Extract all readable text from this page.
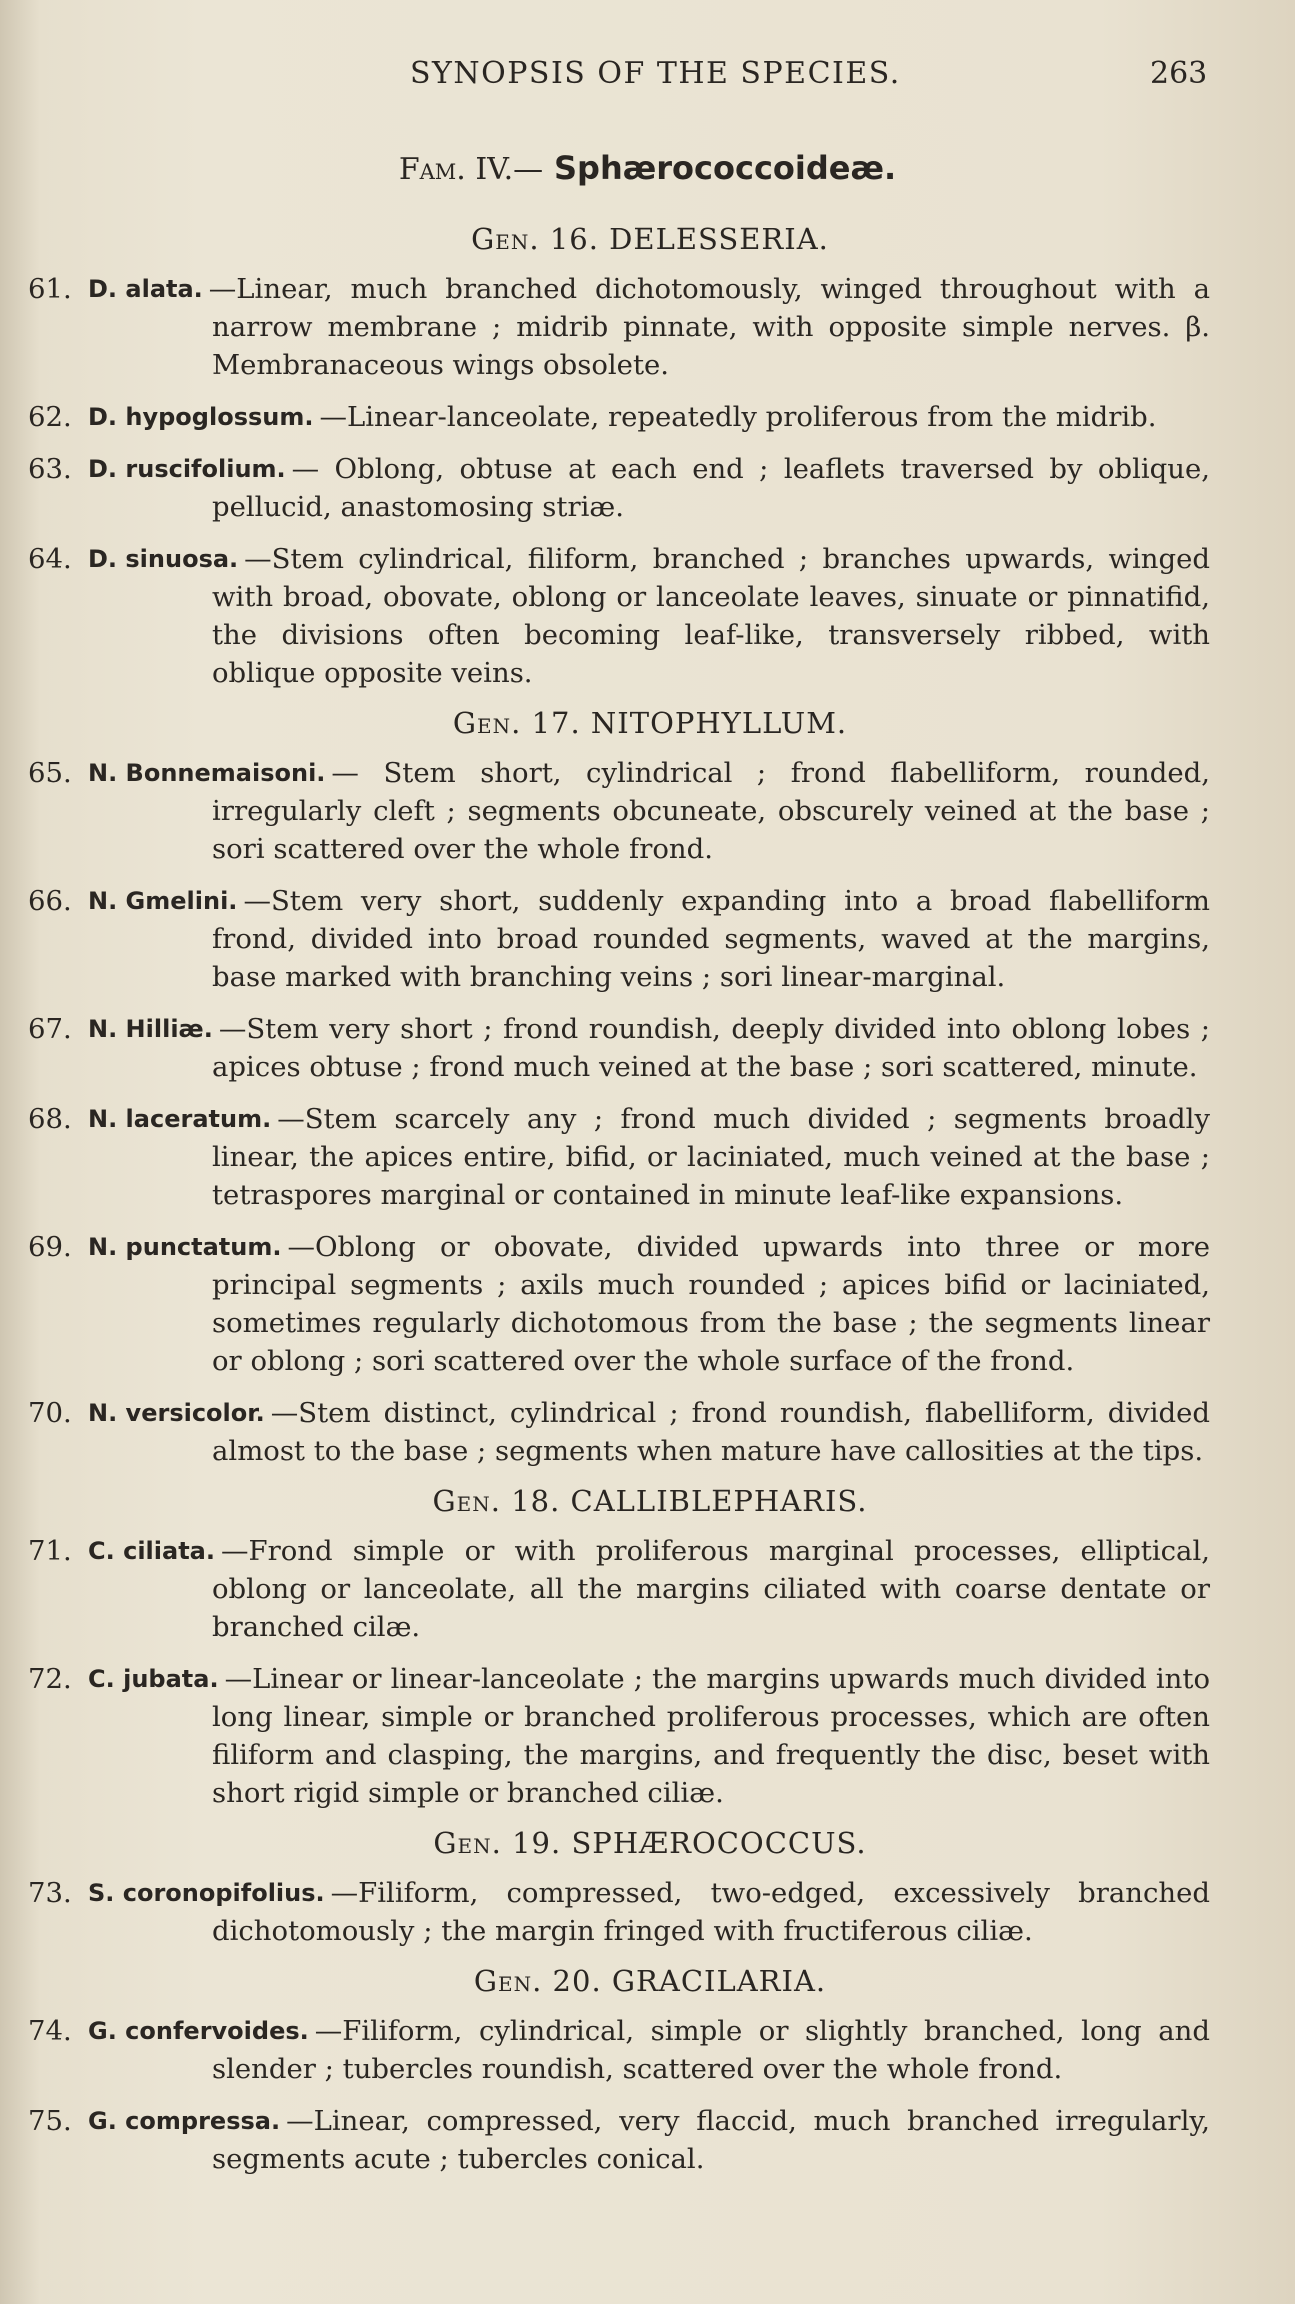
SYNOPSIS OF THE SPECIES.	263
Fam. IV.— Sphærococcoideæ.
Gen. 16. DELESSERIA.
61. D. alata. —Linear, much branched dichotomously, winged throughout with a narrow membrane ; midrib pinnate, with opposite simple nerves. β. Membranaceous wings obsolete.
62. D. hypoglossum. —Linear-lanceolate, repeatedly proliferous from the midrib.
63. D. ruscifolium. — Oblong, obtuse at each end ; leaflets traversed by oblique, pellucid, anastomosing striæ.
64. D. sinuosa. —Stem cylindrical, filiform, branched ; branches upwards, winged with broad, obovate, oblong or lanceolate leaves, sinuate or pinnatifid, the divisions often becoming leaf-like, transversely ribbed, with oblique opposite veins.
Gen. 17. NITOPHYLLUM.
65. N. Bonnemaisoni. — Stem short, cylindrical ; frond flabelliform, rounded, irregularly cleft ; segments obcuneate, obscurely veined at the base ; sori scattered over the whole frond.
66. N. Gmelini. —Stem very short, suddenly expanding into a broad flabelliform frond, divided into broad rounded segments, waved at the margins, base marked with branching veins ; sori linear-marginal.
67. N. Hilliæ. —Stem very short ; frond roundish, deeply divided into oblong lobes ; apices obtuse ; frond much veined at the base ; sori scattered, minute.
68. N. laceratum. —Stem scarcely any ; frond much divided ; segments broadly linear, the apices entire, bifid, or laciniated, much veined at the base ; tetraspores marginal or contained in minute leaf-like expansions.
69. N. punctatum. —Oblong or obovate, divided upwards into three or more principal segments ; axils much rounded ; apices bifid or laciniated, sometimes regularly dichotomous from the base ; the segments linear or oblong ; sori scattered over the whole surface of the frond.
70. N. versicolor. —Stem distinct, cylindrical ; frond roundish, flabelliform, divided almost to the base ; segments when mature have callosities at the tips.
Gen. 18. CALLIBLEPHARIS.
71. C. ciliata. —Frond simple or with proliferous marginal processes, elliptical, oblong or lanceolate, all the margins ciliated with coarse dentate or branched cilæ.
72. C. jubata. —Linear or linear-lanceolate ; the margins upwards much divided into long linear, simple or branched proliferous processes, which are often filiform and clasping, the margins, and frequently the disc, beset with short rigid simple or branched ciliæ.
Gen. 19. SPHÆROCOCCUS.
73. S. coronopifolius. —Filiform, compressed, two-edged, excessively branched dichotomously ; the margin fringed with fructiferous ciliæ.
Gen. 20. GRACILARIA.
74. G. confervoides. —Filiform, cylindrical, simple or slightly branched, long and slender ; tubercles roundish, scattered over the whole frond.
75. G. compressa. —Linear, compressed, very flaccid, much branched irregularly, segments acute ; tubercles conical.
